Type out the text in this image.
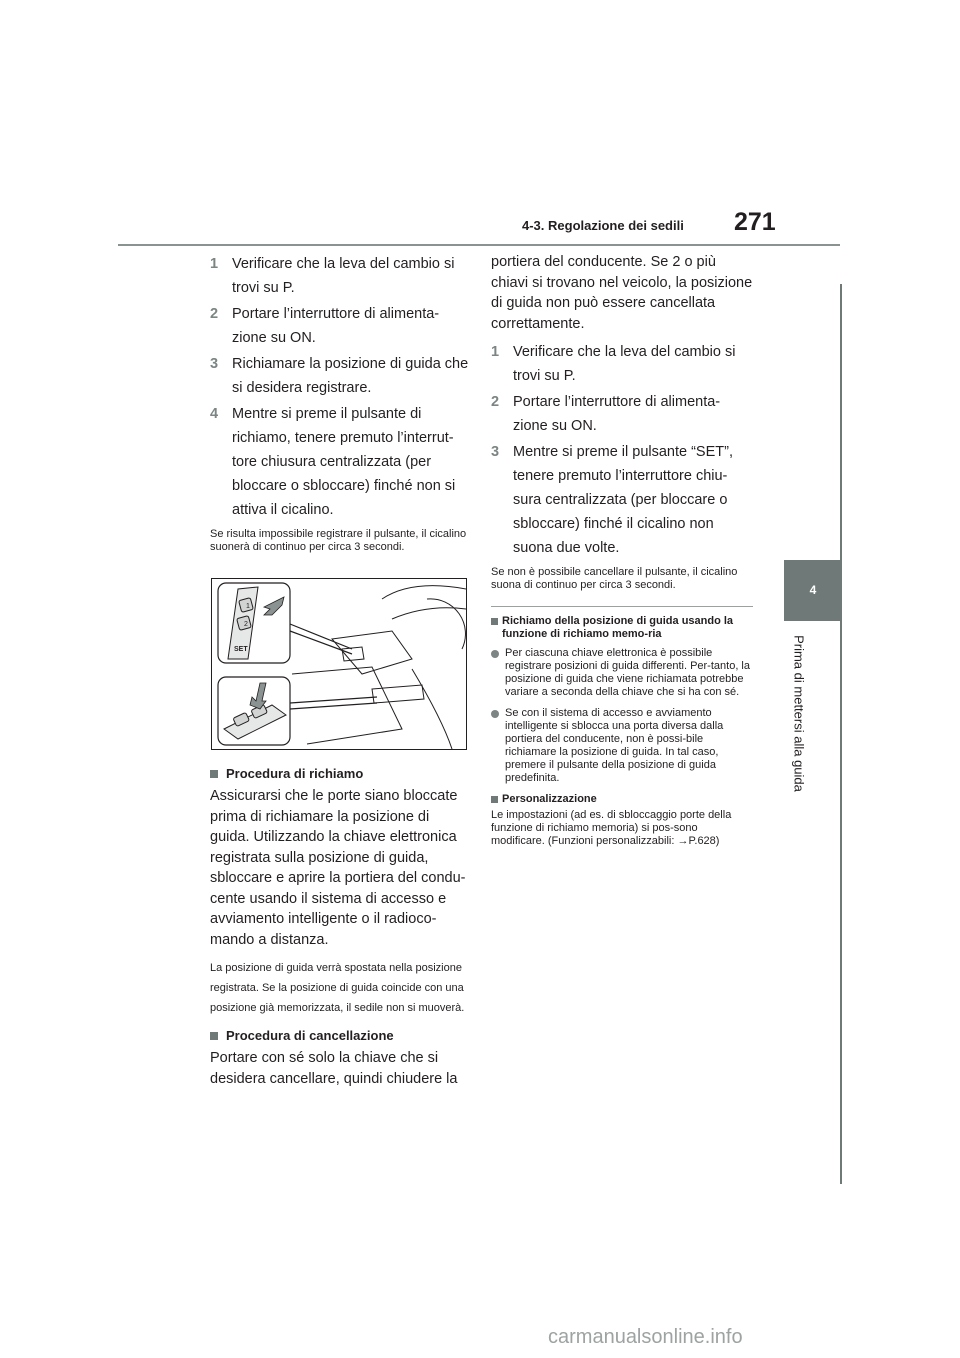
4-3. Regolazione dei sedili 271
4
Prima di mettersi alla guida
1 Verificare che la leva del cambio si trovi su P.
2 Portare l’interruttore di alimenta-zione su ON.
3 Richiamare la posizione di guida che si desidera registrare.
4 Mentre si preme il pulsante di richiamo, tenere premuto l’interrut-tore chiusura centralizzata (per bloccare o sbloccare) finché non si attiva il cicalino.
Se risulta impossibile registrare il pulsante, il cicalino suonerà di continuo per circa 3 secondi.
1
2
SET
Procedura di richiamo
Assicurarsi che le porte siano bloccate prima di richiamare la posizione di guida. Utilizzando la chiave elettronica registrata sulla posizione di guida, sbloccare e aprire la portiera del condu-cente usando il sistema di accesso e avviamento intelligente o il radioco-mando a distanza.
La posizione di guida verrà spostata nella posizione registrata. Se la posizione di guida coincide con una posizione già memorizzata, il sedile non si muoverà.
Procedura di cancellazione
Portare con sé solo la chiave che si desidera cancellare, quindi chiudere la
portiera del conducente. Se 2 o più chiavi si trovano nel veicolo, la posizione di guida non può essere cancellata correttamente.
1 Verificare che la leva del cambio si trovi su P.
2 Portare l’interruttore di alimenta-zione su ON.
3 Mentre si preme il pulsante “SET”, tenere premuto l’interruttore chiu-sura centralizzata (per bloccare o sbloccare) finché il cicalino non suona due volte.
Se non è possibile cancellare il pulsante, il cicalino suona di continuo per circa 3 secondi.
Richiamo della posizione di guida usando la funzione di richiamo memo-ria
Per ciascuna chiave elettronica è possibile registrare posizioni di guida differenti. Per-tanto, la posizione di guida che viene richiamata potrebbe variare a seconda della chiave che si ha con sé.
Se con il sistema di accesso e avviamento intelligente si sblocca una porta diversa dalla portiera del conducente, non è possi-bile richiamare la posizione di guida. In tal caso, premere il pulsante della posizione di guida predefinita.
Personalizzazione
Le impostazioni (ad es. di sbloccaggio porte della funzione di richiamo memoria) si pos-sono modificare. (Funzioni personalizzabili: →P.628)
carmanualsonline.info
